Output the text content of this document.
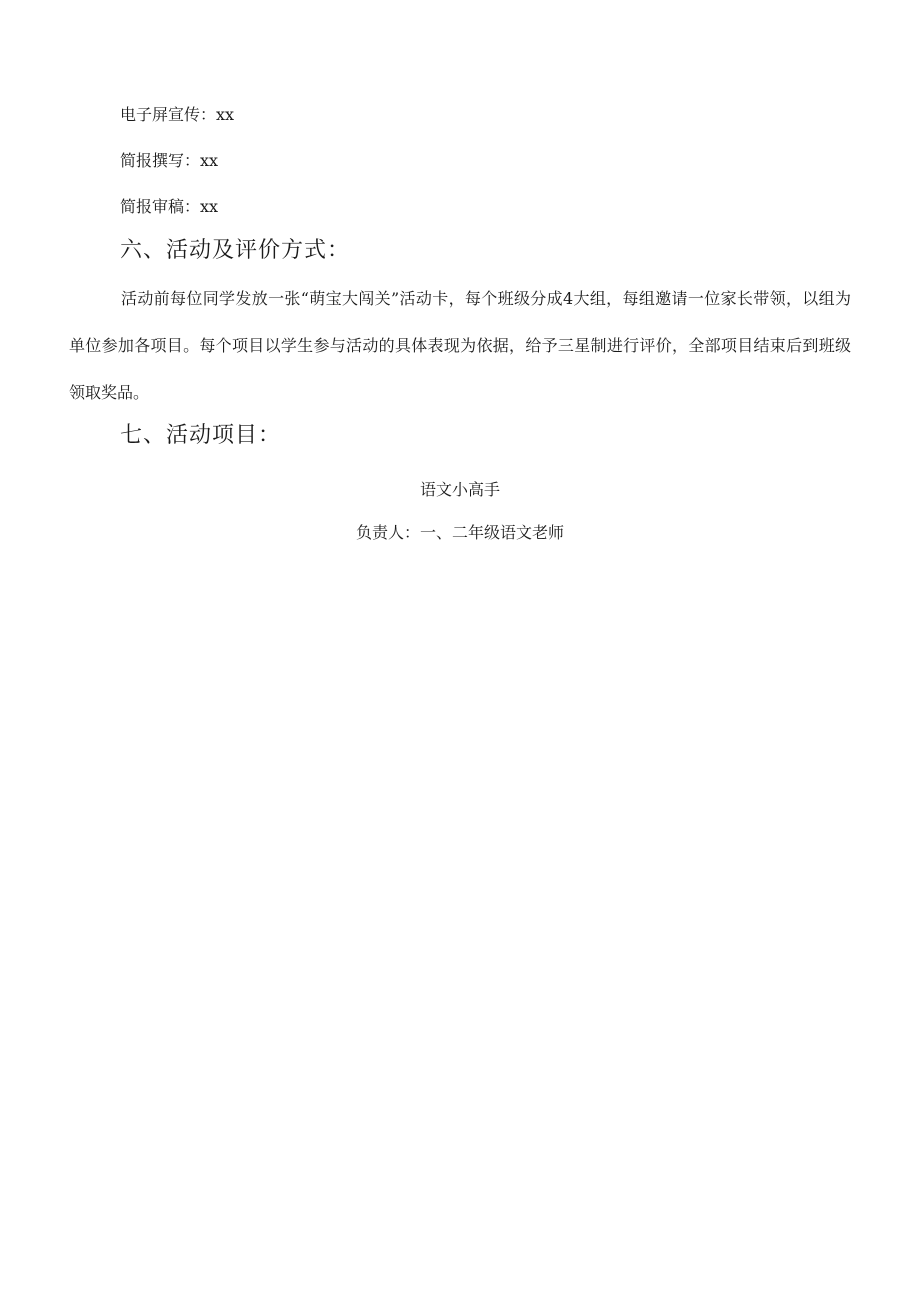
电子屏宣传：xx
简报撰写：xx
简报审稿：xx
六、活动及评价方式：
活动前每位同学发放一张“萌宝大闯关”活动卡，每个班级分成4大组，每组邀请一位家长带领，以组为单位参加各项目。每个项目以学生参与活动的具体表现为依据，给予三星制进行评价，全部项目结束后到班级领取奖品。
七、活动项目：
语文小高手
负责人：一、二年级语文老师
